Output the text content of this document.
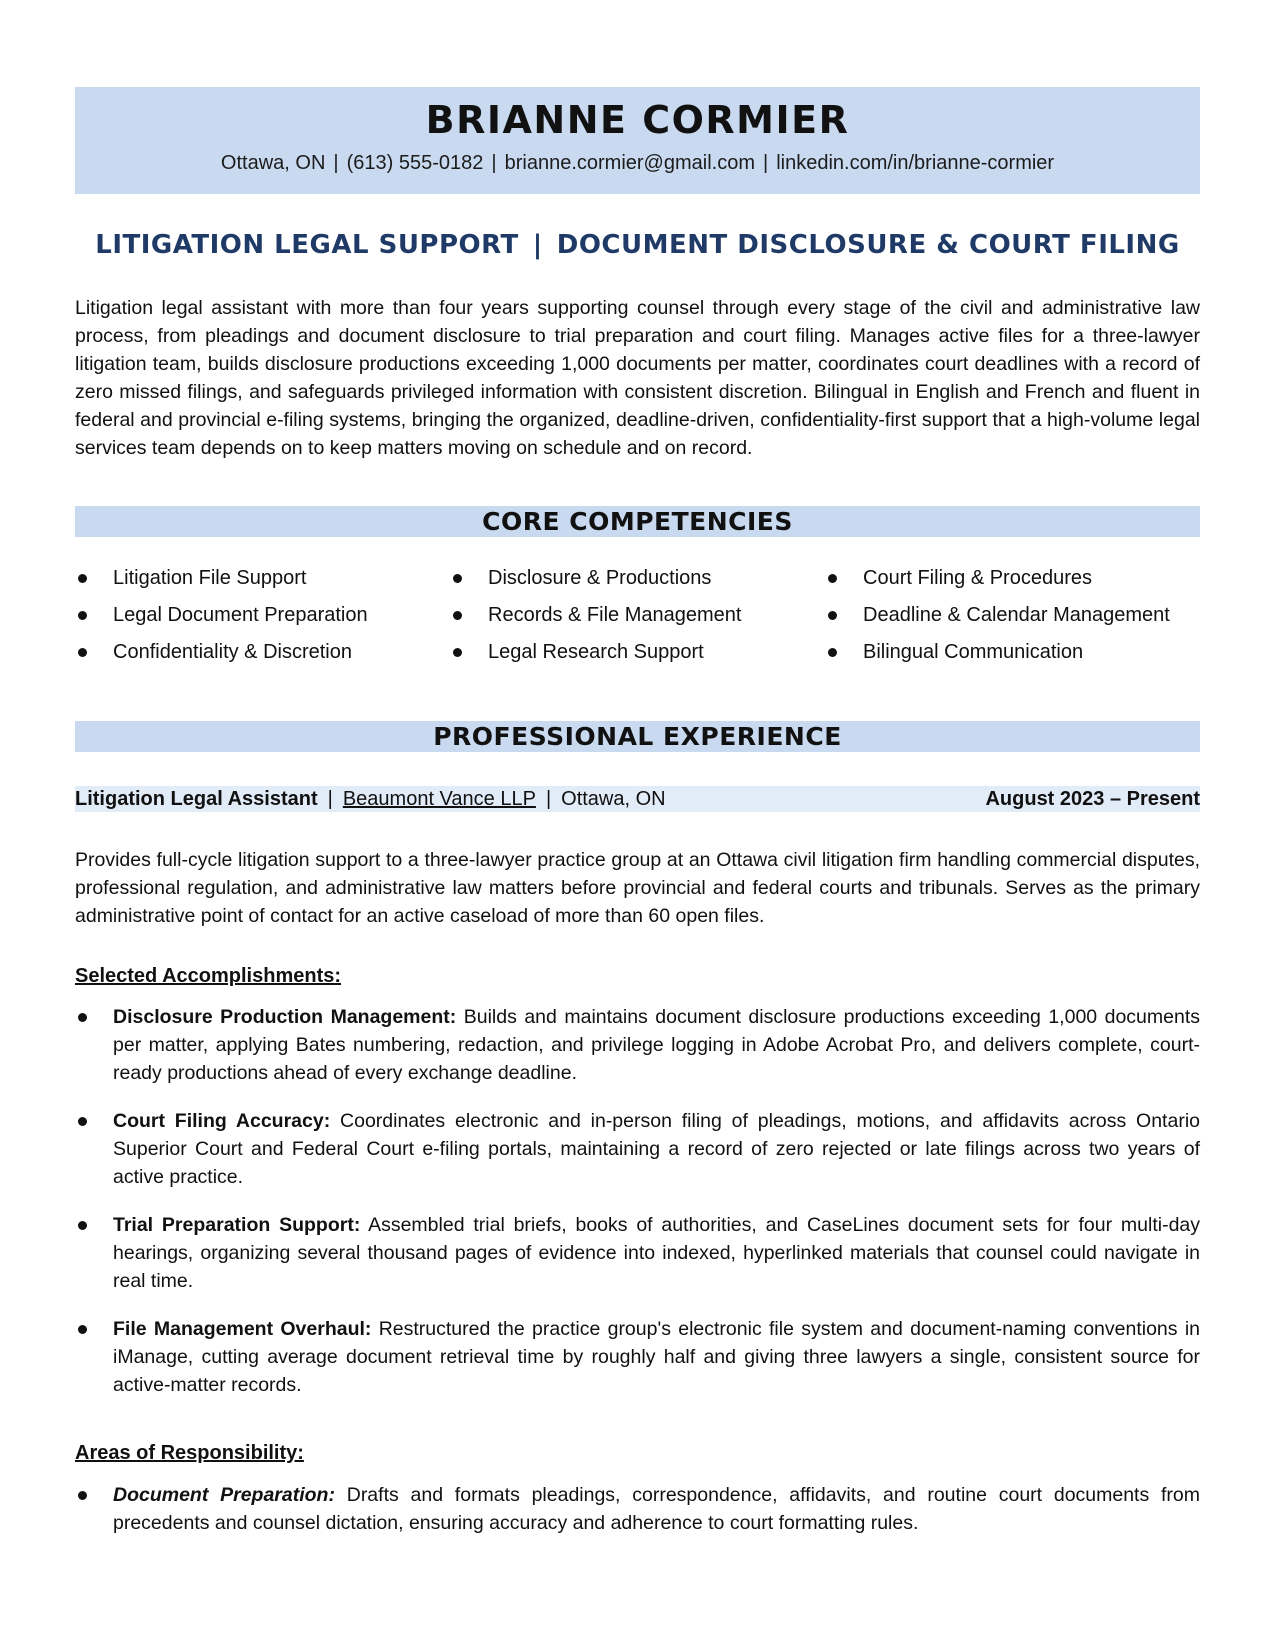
BRIANNE CORMIER
Ottawa, ON | (613) 555-0182 | brianne.cormier@gmail.com | linkedin.com/in/brianne-cormier
LITIGATION LEGAL SUPPORT | DOCUMENT DISCLOSURE & COURT FILING
Litigation legal assistant with more than four years supporting counsel through every stage of the civil and administrative law process, from pleadings and document disclosure to trial preparation and court filing. Manages active files for a three-lawyer litigation team, builds disclosure productions exceeding 1,000 documents per matter, coordinates court deadlines with a record of zero missed filings, and safeguards privileged information with consistent discretion. Bilingual in English and French and fluent in federal and provincial e-filing systems, bringing the organized, deadline-driven, confidentiality-first support that a high-volume legal services team depends on to keep matters moving on schedule and on record.
CORE COMPETENCIES
Litigation File Support	Disclosure & Productions	Court Filing & Procedures
Legal Document Preparation	Records & File Management	Deadline & Calendar Management
Confidentiality & Discretion	Legal Research Support	Bilingual Communication
PROFESSIONAL EXPERIENCE
Litigation Legal Assistant | Beaumont Vance LLP | Ottawa, ON	August 2023 – Present
Provides full-cycle litigation support to a three-lawyer practice group at an Ottawa civil litigation firm handling commercial disputes, professional regulation, and administrative law matters before provincial and federal courts and tribunals. Serves as the primary administrative point of contact for an active caseload of more than 60 open files.
Selected Accomplishments:
Disclosure Production Management: Builds and maintains document disclosure productions exceeding 1,000 documents per matter, applying Bates numbering, redaction, and privilege logging in Adobe Acrobat Pro, and delivers complete, court-ready productions ahead of every exchange deadline.
Court Filing Accuracy: Coordinates electronic and in-person filing of pleadings, motions, and affidavits across Ontario Superior Court and Federal Court e-filing portals, maintaining a record of zero rejected or late filings across two years of active practice.
Trial Preparation Support: Assembled trial briefs, books of authorities, and CaseLines document sets for four multi-day hearings, organizing several thousand pages of evidence into indexed, hyperlinked materials that counsel could navigate in real time.
File Management Overhaul: Restructured the practice group's electronic file system and document-naming conventions in iManage, cutting average document retrieval time by roughly half and giving three lawyers a single, consistent source for active-matter records.
Areas of Responsibility:
Document Preparation: Drafts and formats pleadings, correspondence, affidavits, and routine court documents from precedents and counsel dictation, ensuring accuracy and adherence to court formatting rules.
